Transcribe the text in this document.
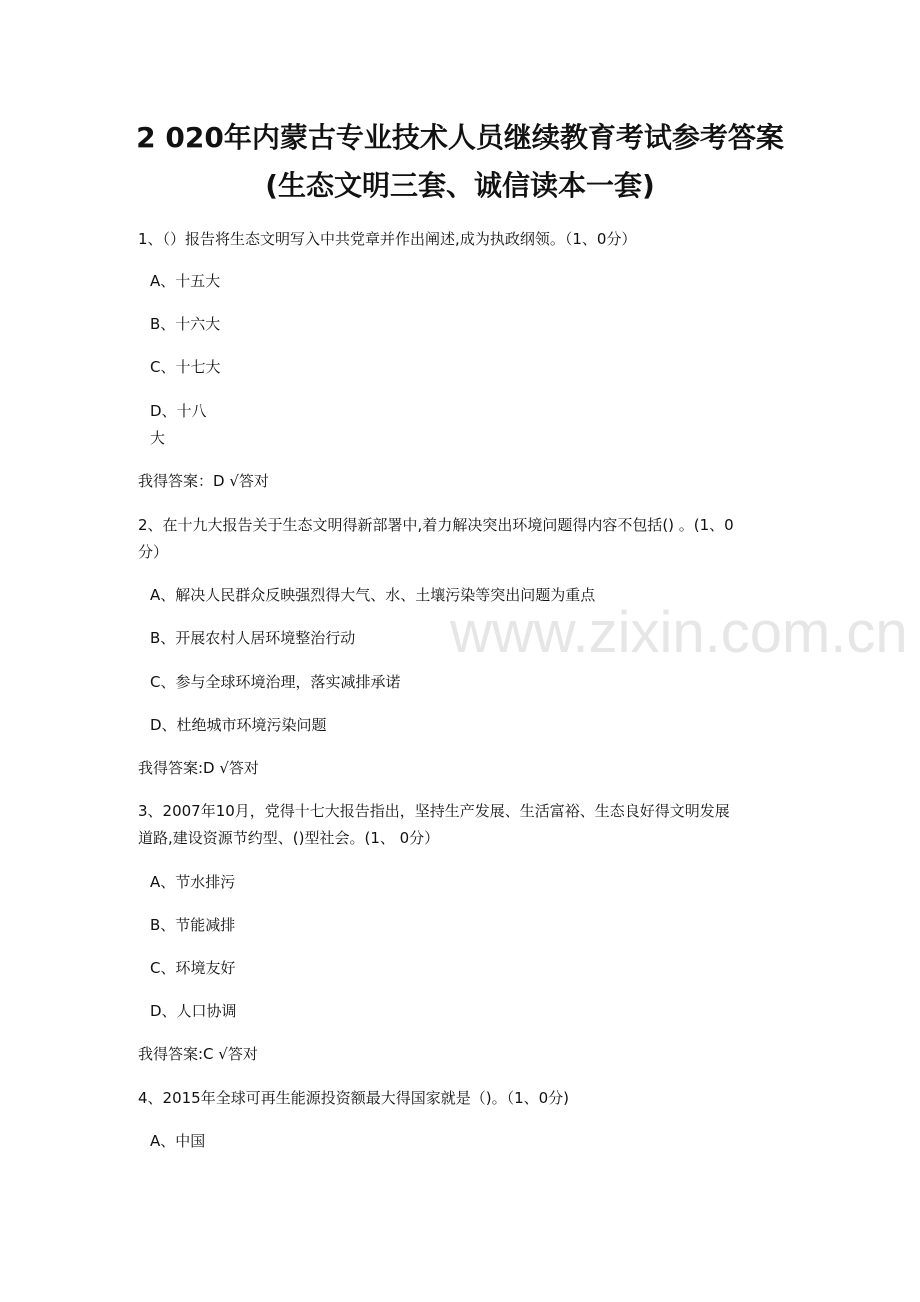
2 020年内蒙古专业技术人员继续教育考试参考答案
(生态文明三套、诚信读本一套)
1、（）报告将生态文明写入中共党章并作出阐述,成为执政纲领。（1、0分）
A、十五大
B、十六大
C、十七大
D、十八
大
我得答案：D √答对
2、在十九大报告关于生态文明得新部署中,着力解决突出环境问题得内容不包括() 。(1、0
分）
A、解决人民群众反映强烈得大气、水、土壤污染等突出问题为重点
B、开展农村人居环境整治行动
C、参与全球环境治理，落实减排承诺
D、杜绝城市环境污染问题
我得答案:D √答对
3、2007年10月，党得十七大报告指出，坚持生产发展、生活富裕、生态良好得文明发展
道路,建设资源节约型、()型社会。(1、 0分）
A、节水排污
B、节能减排
C、环境友好
D、人口协调
我得答案:C √答对
4、2015年全球可再生能源投资额最大得国家就是（)。（1、0分)
A、中国
www.zixin.com.cn
